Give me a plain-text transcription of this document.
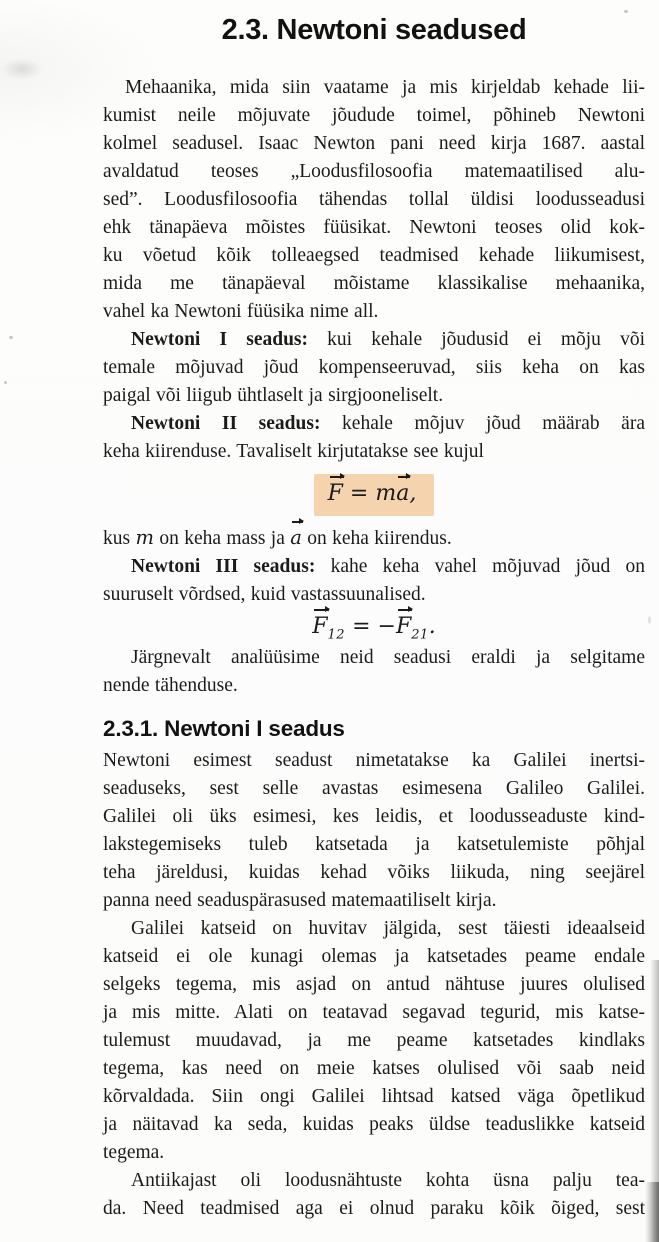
2.3. Newtoni seadused
Mehaanika, mida siin vaatame ja mis kirjeldab kehade lii-
kumist neile mõjuvate jõudude toimel, põhineb Newtoni
kolmel seadusel. Isaac Newton pani need kirja 1687. aastal
avaldatud teoses „Loodusfilosoofia matemaatilised alu-
sed”. Loodusfilosoofia tähendas tollal üldisi loodusseadusi
ehk tänapäeva mõistes füüsikat. Newtoni teoses olid kok-
ku võetud kõik tolleaegsed teadmised kehade liikumisest,
mida me tänapäeval mõistame klassikalise mehaanika,
vahel ka Newtoni füüsika nime all.
Newtoni I seadus: kui kehale jõudusid ei mõju või
temale mõjuvad jõud kompenseeruvad, siis keha on kas
paigal või liigub ühtlaselt ja sirgjooneliselt.
Newtoni II seadus: kehale mõjuv jõud määrab ära
keha kiirenduse. Tavaliselt kirjutatakse see kujul
F = ma,
kus m on keha mass ja a on keha kiirendus.
Newtoni III seadus: kahe keha vahel mõjuvad jõud on
suuruselt võrdsed, kuid vastassuunalised.
$F_{12} = -F_{21}$.
Järgnevalt analüüsime neid seadusi eraldi ja selgitame
nende tähenduse.
2.3.1. Newtoni I seadus
Newtoni esimest seadust nimetatakse ka Galilei inertsi-
seaduseks, sest selle avastas esimesena Galileo Galilei.
Galilei oli üks esimesi, kes leidis, et loodusseaduste kind-
lakstegemiseks tuleb katsetada ja katsetulemiste põhjal
teha järeldusi, kuidas kehad võiks liikuda, ning seejärel
panna need seaduspärasused matemaatiliselt kirja.
Galilei katseid on huvitav jälgida, sest täiesti ideaalseid
katseid ei ole kunagi olemas ja katsetades peame endale
selgeks tegema, mis asjad on antud nähtuse juures olulised
ja mis mitte. Alati on teatavad segavad tegurid, mis katse-
tulemust muudavad, ja me peame katsetades kindlaks
tegema, kas need on meie katses olulised või saab neid
kõrvaldada. Siin ongi Galilei lihtsad katsed väga õpetlikud
ja näitavad ka seda, kuidas peaks üldse teaduslikke katseid
tegema.
Antiikajast oli loodusnähtuste kohta üsna palju tea-
da. Need teadmised aga ei olnud paraku kõik õiged, sest
